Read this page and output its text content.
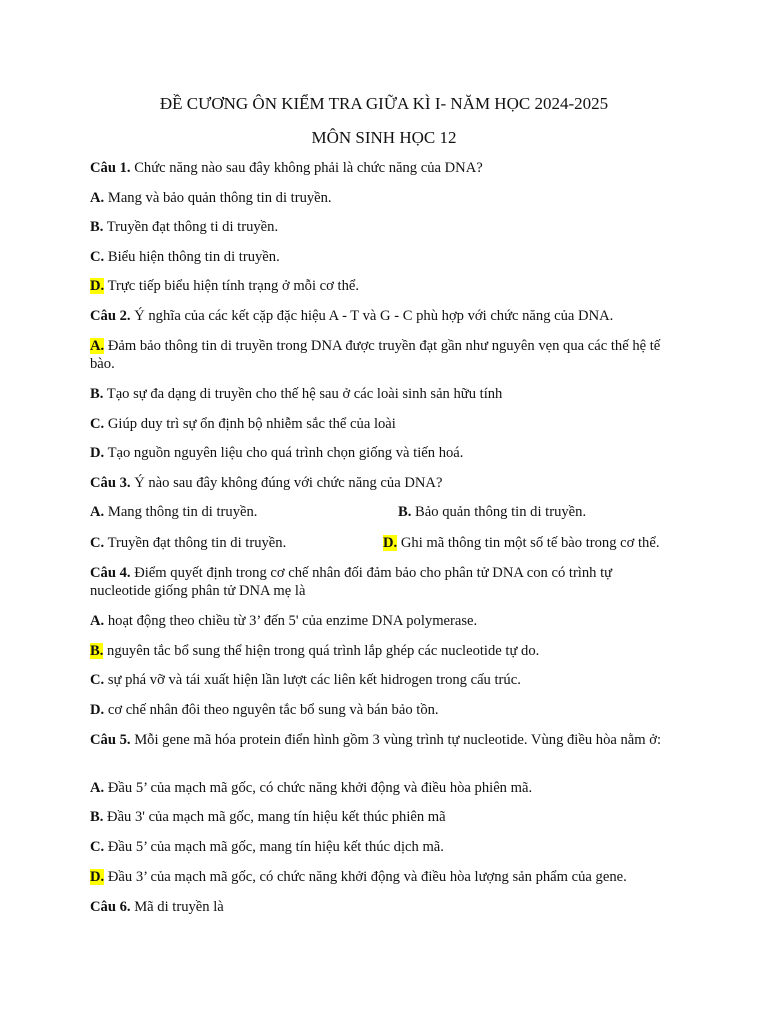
ĐỀ CƯƠNG ÔN KIỂM TRA GIỮA KÌ I- NĂM HỌC 2024-2025
MÔN SINH HỌC 12
Câu 1. Chức năng nào sau đây không phải là chức năng của DNA?
A. Mang và bảo quản thông tin di truyền.
B. Truyền đạt thông ti di truyền.
C. Biểu hiện thông tin di truyền.
D. Trực tiếp biểu hiện tính trạng ở mỗi cơ thể.
Câu 2. Ý nghĩa của các kết cặp đặc hiệu A - T và G - C phù hợp với chức năng của DNA.
A. Đảm bảo thông tin di truyền trong DNA được truyền đạt gần như nguyên vẹn qua các thế hệ tế bào.
B. Tạo sự đa dạng di truyền cho thế hệ sau ở các loài sinh sản hữu tính
C. Giúp duy trì sự ổn định bộ nhiễm sắc thể của loài
D. Tạo nguồn nguyên liệu cho quá trình chọn giống và tiến hoá.
Câu 3. Ý nào sau đây không đúng với chức năng của DNA?
A. Mang thông tin di truyền.	B. Bảo quản thông tin di truyền.
C. Truyền đạt thông tin di truyền.	D. Ghi mã thông tin một số tế bào trong cơ thể.
Câu 4. Điểm quyết định trong cơ chế nhân đối đảm bảo cho phân tử DNA con có trình tự nucleotide giống phân tử DNA mẹ là
A. hoạt động theo chiều từ 3’ đến 5' của enzime DNA polymerase.
B. nguyên tắc bổ sung thể hiện trong quá trình lắp ghép các nucleotide tự do.
C. sự phá vỡ và tái xuất hiện lần lượt các liên kết hidrogen trong cấu trúc.
D. cơ chế nhân đôi theo nguyên tắc bổ sung và bán bảo tồn.
Câu 5. Mỗi gene mã hóa protein điển hình gồm 3 vùng trình tự nucleotide. Vùng điều hòa nằm ở:
A. Đầu 5’ của mạch mã gốc, có chức năng khởi động và điều hòa phiên mã.
B. Đầu 3' của mạch mã gốc, mang tín hiệu kết thúc phiên mã
C. Đầu 5’ của mạch mã gốc, mang tín hiệu kết thúc dịch mã.
D. Đầu 3’ của mạch mã gốc, có chức năng khởi động và điều hòa lượng sản phẩm của gene.
Câu 6. Mã di truyền là
